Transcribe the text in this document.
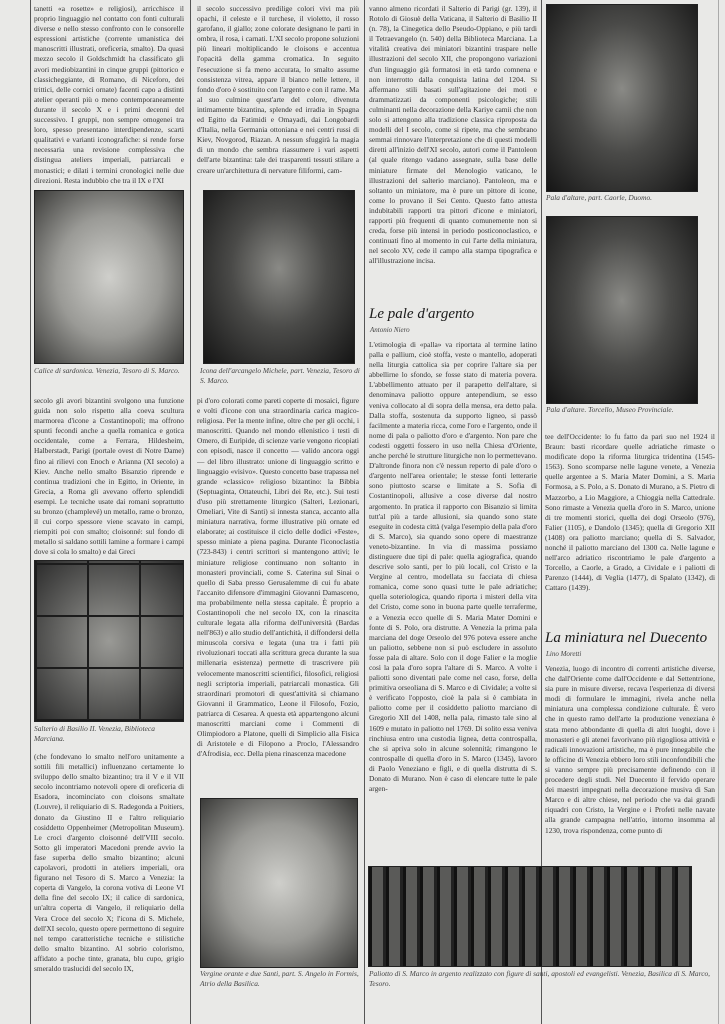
tanetti «a rosette» e religiosi), arricchisce il proprio linguaggio nel contatto con fonti culturali diverse e nello stesso confronto con le consorelle espressioni artistiche (corrente umanistica dei manoscritti illustrati, oreficeria, smalto). Da quasi mezzo secolo il Goldschmidt ha classificato gli avori mediobizantini in cinque gruppi (pittorico e classicheggiante, di Romano, di Niceforo, dei trittici, delle cornici ornate) facenti capo a distinti atelier operanti più o meno contemporaneamente durante il secolo X e i primi decenni del successivo. I gruppi, non sempre omogenei tra loro, spesso presentano interdipendenze, scarti qualitativi e varianti iconografiche: si rende forse necessaria una revisione complessiva che distingua ateliers imperiali, patriarcali e monastici; e dilati i termini cronologici nelle due direzioni. Resta indubbio che tra il IX e l'XI
Calice di sardonica. Venezia, Tesoro di S. Marco.
secolo gli avori bizantini svolgono una funzione guida non solo rispetto alla coeva scultura marmorea d'icone a Costantinopoli; ma offrono spunti fecondi anche a quella romanica e gotica occidentale, come a Ferrara, Hildesheim, Halberstadt, Parigi (portale ovest di Notre Dame) fino ai rilievi con Enoch e Arianna (XI secolo) a Kiev. Anche nello smalto Bisanzio riprende e continua tradizioni che in Egitto, in Oriente, in Grecia, a Roma gli avevano offerto splendidi esempi. Le tecniche usate dai romani soprattutto su bronzo (champlevé) un metallo, rame o bronzo, il cui corpo spessore viene scavato in campi, riempiti poi con smalto; cloisonné: sul fondo di metallo si saldano sottili lamine a formare i campi dove si cola lo smalto) e dai Greci
Salterio di Basilio II. Venezia, Biblioteca Marciana.
(che fondevano lo smalto nell'oro unitamente a sottili fili metallici) influenzano certamente lo sviluppo dello smalto bizantino; tra il V e il VII secolo incontriamo notevoli opere di oreficeria di Esadora, incominciato con cloisons smaltate (Louvre), il reliquiario di S. Radegonda a Poitiers, donato da Giustino II e l'altro reliquiario cosiddetto Oppenheimer (Metropolitan Museum). Le croci d'argento cloisonné dell'VIII secolo. Sotto gli imperatori Macedoni prende avvio la fase superba dello smalto bizantino; alcuni capolavori, prodotti in ateliers imperiali, ora figurano nel Tesoro di S. Marco a Venezia: la coperta di Vangelo, la corona votiva di Leone VI della fine del secolo IX; il calice di sardonica, un'altra coperta di Vangelo, il reliquiario della Vera Croce del secolo X; l'icona di S. Michele, dell'XI secolo, questo opere permettono di seguire nel tempo caratteristiche tecniche e stilistiche dello smalto bizantino. Al sobrio colorismo, affidato a poche tinte, granata, blu cupo, grigio smeraldo traslucidi del secolo IX,
il secolo successivo predilige colori vivi ma più opachi, il celeste e il turchese, il violetto, il rosso garofano, il giallo; zone colorate designano le parti in ombra, il rosa, i carnati. L'XI secolo propone soluzioni più lineari moltiplicando le cloisons e accentua l'opacità della gamma cromatica. In seguito l'esecuzione si fa meno accurata, lo smalto assume consistenza vitrea, appare il bianco nelle lettere, il fondo d'oro è sostituito con l'argento e con il rame. Ma al suo culmine quest'arte del colore, divenuta intimamente bizantina, splende ed irradia in Spagna ed Egitto da Fatimidi e Omayadi, dai Longobardi d'Italia, nella Germania ottoniana e nei centri russi di Kiev, Novgorod, Riazan. A nessun sfuggirà la magia di un mondo che sembra riassumere i vari aspetti dell'arte bizantina: tale dei trasparenti tessuti stilare a creare un'architettura di nervature filiformi, cam-
Icona dell'arcangelo Michele, part. Venezia, Tesoro di S. Marco.
pi d'oro colorati come pareti coperte di mosaici, figure e volti d'icone con una straordinaria carica magico-religiosa. Per la mente infine, oltre che per gli occhi, i manoscritti. Quando nel mondo ellenistico i testi di Omero, di Euripide, di scienze varie vengono ricopiati con episodi, nasce il concetto — valido ancora oggi — del libro illustrato: unione di linguaggio scritto e linguaggio «visivo». Questo concetto base trapassa nel grande «classico» religioso bizantino: la Bibbia (Septuaginta, Ottateuchi, Libri dei Re, etc.). Sui testi d'uso più strettamente liturgico (Salteri, Lezionari, Omeliari, Vite di Santi) si innesta stanca, accanto alla miniatura narrativa, forme illustrative più ornate ed elaborate; ai costituisce il ciclo delle dodici «Feste», spesso miniate a piena pagina. Durante l'iconoclastia (723-843) i centri scrittori si mantengono attivi; le miniature religiose continuano non soltanto in monasteri provinciali, come S. Caterina sul Sinai o quello di Saba presso Gerusalemme di cui fu abate l'accanito difensore d'immagini Giovanni Damasceno, ma probabilmente nella stessa capitale. È proprio a Costantinopoli che nel secolo IX, con la rinascita culturale legata alla riforma dell'università (Bardas nell'863) e allo studio dell'antichità, il diffondersi della minuscola corsiva e legata (una tra i fatti più rivoluzionari toccati alla scrittura greca durante la sua millenaria esistenza) permette di trascrivere più velocemente manoscritti scientifici, filosofici, religiosi negli scriptoria imperiali, patriarcali monastica. Gli straordinari promotori di quest'attività si chiamano Giovanni il Grammatico, Leone il Filosofo, Fozio, patriarca di Cesarea. A questa età appartengono alcuni manoscritti marciani come i Commenti di Olimpiodoro a Platone, quelli di Simplicio alla Fisica di Aristotele e di Filopono a Proclo, l'Alessandro d'Afrodisia, ecc. Della piena rinascenza macedone
Vergine orante e due Santi, part. S. Angelo in Formis, Atrio della Basilica.
vanno almeno ricordati il Salterio di Parigi (gr. 139), il Rotolo di Giosuè della Vaticana, il Salterio di Basilio II (n. 78), la Cinegetica dello Pseudo-Oppiano, e più tardi il Tetraevangelo (n. 540) della Biblioteca Marciana. La vitalità creativa dei miniatori bizantini traspare nelle illustrazioni del secolo XII, che propongono variazioni d'un linguaggio già formatosi in età tardo comnena e non interrotto dalla conquista latina del 1204. Si affermano stili basati sull'agitazione dei moti e drammatizzati da componenti psicologiche; stili culminanti nella decorazione della Kariye camii che non solo si attengono alla tradizione classica riproposta da modelli del I secolo, come si ripete, ma che sembrano semmai rinnovare l'interpretazione che di questi modelli diretti all'inizio dell'XI secolo, autori come il Pantoleon (al quale ritengo vadano assegnate, sulla base delle miniature firmate del Menologio vaticano, le illustrazioni del salterio marciano). Pantoleon, ma e soltanto un miniatore, ma è pure un pittore di icone, come lo provano il Sei Cento. Questo fatto attesta indubitabili rapporti tra pittori d'icone e miniatori, rapporti più frequenti di quanto comunemente non si creda, forse più intensi in periodo posticonoclastico, e continuati fino al momento in cui l'arte della miniatura, nel secolo XV, cede il campo alla stampa tipografica e all'illustrazione incisa.
Le pale d'argento
Antonio Niero
L'etimologia di «palla» va riportata al termine latino palla e pallium, cioè stoffa, veste o mantello, adoperati nella liturgia cattolica sia per coprire l'altare sia per abbellirne lo sfondo, se fosse stato di materia povera. L'abbellimento attuato per il parapetto dell'altare, si denominava paliotto oppure antependium, se esso veniva collocato al di sopra della mensa, era detto pala. Dalla stoffa, sostenuta da supporto ligneo, si passò facilmente a materia ricca, come l'oro e l'argento, onde il nome di pala o paliotto d'oro e d'argento. Non pare che codesti oggetti fossero in uso nella Chiesa d'Oriente, anche perché le strutture liturgiche non lo permettevano. D'altronde finora non c'è nessun reperto di pale d'oro o d'argento nell'area orientale; le stesse fonti letterarie sono piuttosto scarse e limitate a S. Sofia di Costantinopoli, allusive a cose diverse dal nostro argomento. In pratica il rapporto con Bisanzio si limita tutt'al più a tarde allusioni, sia quando sono state eseguite in codesta città (valga l'esempio della pala d'oro di S. Marco), sia quando sono opere di maestranze veneto-bizantine. In via di massima possiamo distinguere due tipi di pale: quella agiografica, quando descrive solo santi, per lo più locali, col Cristo e la Vergine al centro, modellata su facciata di chiesa romanica, come sono quasi tutte le pale adriatiche; quella soteriologica, quando riporta i misteri della vita del Cristo, come sono in buona parte quelle terraferme, e a Venezia ecco quelle di S. Maria Mater Domini e fonte di S. Polo, ora distrutte. A Venezia la prima pala marciana del doge Orseolo del 976 poteva essere anche un paliotto, sebbene non si può escludere in assoluto fosse pala di altare. Solo con il doge Falier e la moglie così la pala d'oro sopra l'altare di S. Marco. A volte i paliotti sono diventati pale come nel caso, forse, della primitiva orseoliana di S. Marco e di Cividale; a volte si è verificato l'opposto, cioè la pala si è cambiata in paliotto come per il cosiddetto paliotto marciano di Gregorio XII del 1408, nella pala, rimasto tale sino al 1609 e mutato in paliotto nel 1769. Di solito essa veniva rinchiusa entro una custodia lignea, detta controspalla, che si apriva solo in alcune solennità; rimangono le controspalle di quella d'oro in S. Marco (1345), lavoro di Paolo Veneziano e figli, e di quella distrutta di S. Donato di Murano. Non è caso di elencare tutte le pale argen-
Pala d'altare, part. Caorle, Duomo.
Pala d'altare. Torcello, Museo Provinciale.
tee dell'Occidente: lo fu fatto da pari suo nel 1924 il Braun: basti ricordare quelle adriatiche rimaste o modificate dopo la riforma liturgica tridentina (1545-1563). Sono scomparse nelle lagune venete, a Venezia quelle argentee a S. Maria Mater Domini, a S. Maria Formosa, a S. Polo, a S. Donato di Murano, a S. Pietro di Mazzorbo, a Lio Maggiore, a Chioggia nella Cattedrale. Sono rimaste a Venezia quella d'oro in S. Marco, unione di tre momenti storici, quella dei dogi Orseolo (976), Falier (1105), e Dandolo (1345); quella di Gregorio XII (1408) ora paliotto marciano; quella di S. Salvador, nonché il paliotto marciano del 1300 ca. Nelle lagune e nell'arco adriatico riscontriamo le pale d'argento a Torcello, a Caorle, a Grado, a Cividale e i paliotti di Parenzo (1444), di Veglia (1477), di Spalato (1342), di Cattaro (1439).
La miniatura nel Duecento
Lino Moretti
Venezia, luogo di incontro di correnti artistiche diverse, che dall'Oriente come dall'Occidente e dal Settentrione, sia pure in misure diverse, recava l'esperienza di diversi modi di formulare le immagini, rivela anche nella miniatura una complessa condizione culturale. È vero che in questo ramo dell'arte la produzione veneziana è stata meno abbondante di quella di altri luoghi, dove i monasteri e gli atenei favorivano più rigogliosa attività e radicali innovazioni artistiche, ma è pure innegabile che le officine di Venezia ebbero loro stili inconfondibili che si vanno sempre più precisamente definendo con il procedere degli studi. Nel Duecento il fervido operare dei maestri impegnati nella decorazione musiva di San Marco e di altre chiese, nel periodo che va dai grandi riquadri con Cristo, la Vergine e i Profeti nelle navate alla grande campagna nell'atrio, intorno insomma al 1230, trova rispondenza, come punto di
Paliotto di S. Marco in argento realizzato con figure di santi, apostoli ed evangelisti. Venezia, Basilica di S. Marco, Tesoro.
